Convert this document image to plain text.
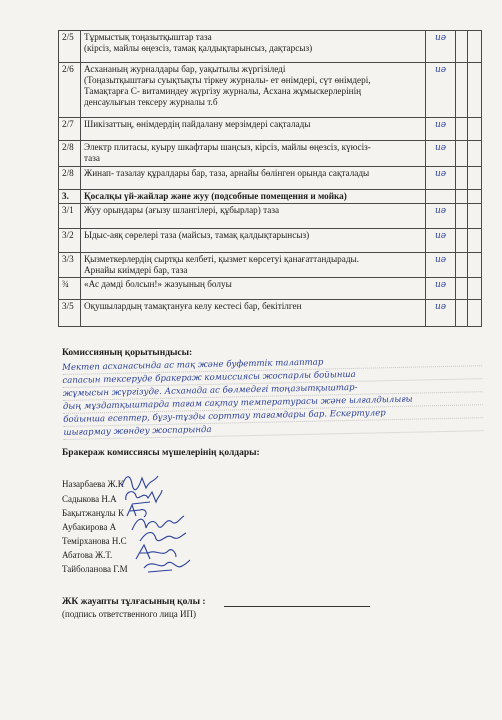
2/5	Тұрмыстық тоңазытқыштар таза
(кірсіз, майлы өңезсіз, тамақ қалдықтарынсыз, дақтарсыз)	иә		
2/6	Асхананың журналдары бар, уақытылы жүргізіледі
(Тоңазытқыштағы суықтықты тіркеу журналы- ет өнімдері, сүт өнімдері,
Тамақтарға С- витаминдеу жүргізу журналы, Асхана жұмыскерлерінің
денсаулығын тексеру журналы т.б	иә		
2/7	Шикізаттың, өнімдердің пайдалану мерзімдері сақталады	иә		
2/8	Электр плитасы, куыру шкафтары шаңсыз, кірсіз, майлы өңезсіз, күюсіз-
таза	иә		
2/8	Жинап- тазалау құралдары бар, таза, арнайы бөлінген орында сақталады	иә		
3.	Қосалқы үй-жайлар және жуу (подсобные помещения и мойка)			
3/1	Жуу орындары (ағызу шлангілері, құбырлар) таза	иә		
3/2	Ыдыс-аяқ сөрелері таза (майсыз, тамақ қалдықтарынсыз)	иә		
3/3	Қызметкерлердің сыртқы келбеті, қызмет көрсетуі қанағаттандырады.
Арнайы киімдері бар, таза	иә		
¾	«Ас дәмді болсын!» жазуының болуы	иә		
3/5	Оқушылардың тамақтануға келу кестесі бар, бекітілген	иә		
Комиссияның қорытындысы:
Мектеп асханасында ас тақ және буфеттік талаптар
сапасын тексеруде бракераж комиссиясы жоспарлы бойынша
жұмысын жүргізуде. Асханада ас бөлмедегі тоңазытқыштар-
дың мұздатқыштарда тағам сақтау температурасы және ылғалдылығы
бойынша есептер, бұзу-тұзды сорттау тағамдары бар. Ескертулер
шығармау жөндеу жоспарында
Бракераж комиссиясы мүшелерінің қолдары:
Назарбаева Ж.К
Садыкова Н.А
Бақытжанұлы К
Аубакирова А
Темірханова Н.С
Абатова Ж.Т.
Тайболанова Г.М
ЖК жауапты тұлғасының қолы :
(подпись ответственного лица ИП)
